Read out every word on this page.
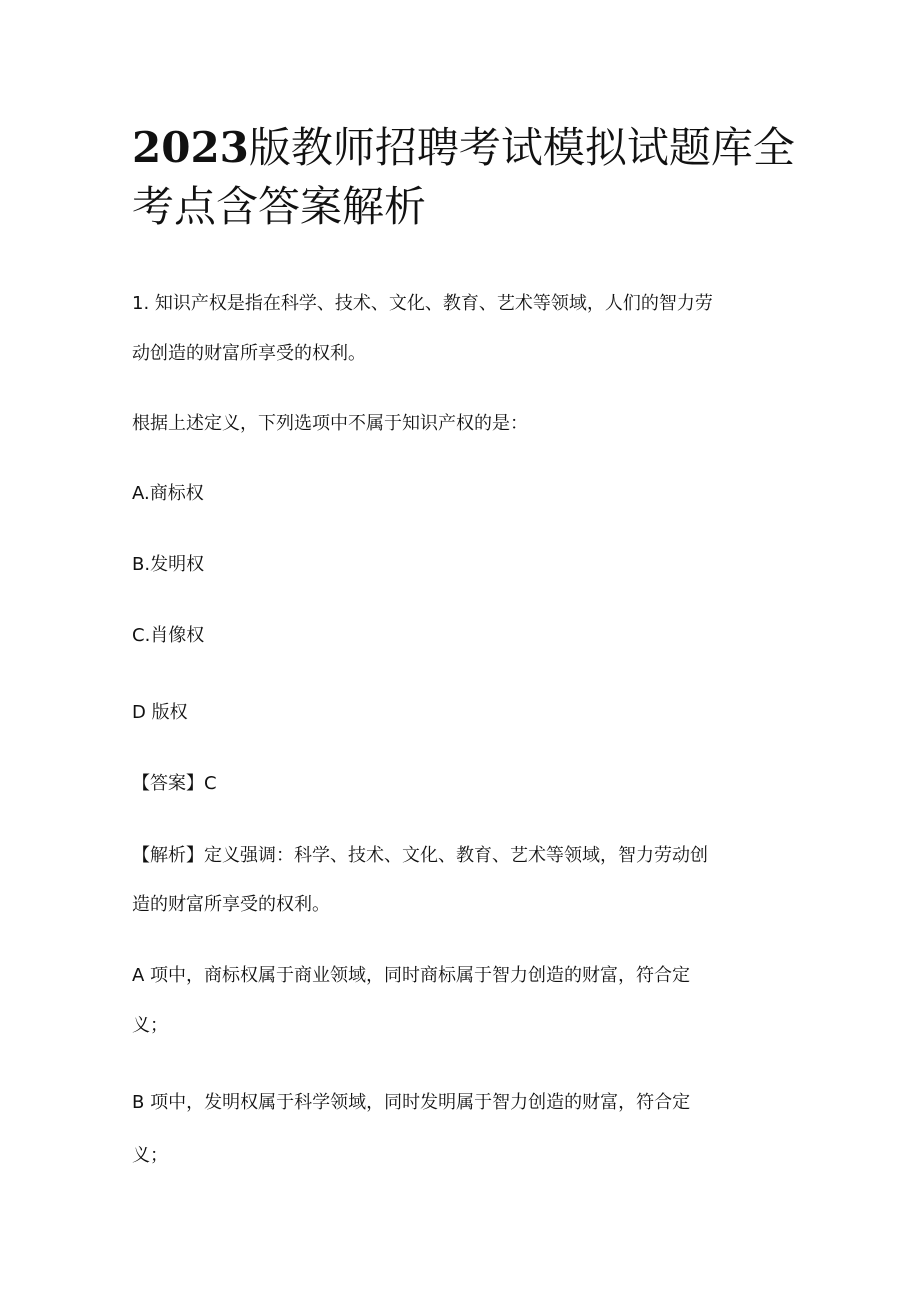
2023版教师招聘考试模拟试题库全考点含答案解析
1. 知识产权是指在科学、技术、文化、教育、艺术等领域，人们的智力劳
动创造的财富所享受的权利。
根据上述定义，下列选项中不属于知识产权的是：
A.商标权
B.发明权
C.肖像权
D 版权
【答案】C
【解析】定义强调：科学、技术、文化、教育、艺术等领域，智力劳动创
造的财富所享受的权利。
A 项中，商标权属于商业领域，同时商标属于智力创造的财富，符合定
义；
B 项中，发明权属于科学领域，同时发明属于智力创造的财富，符合定
义；
